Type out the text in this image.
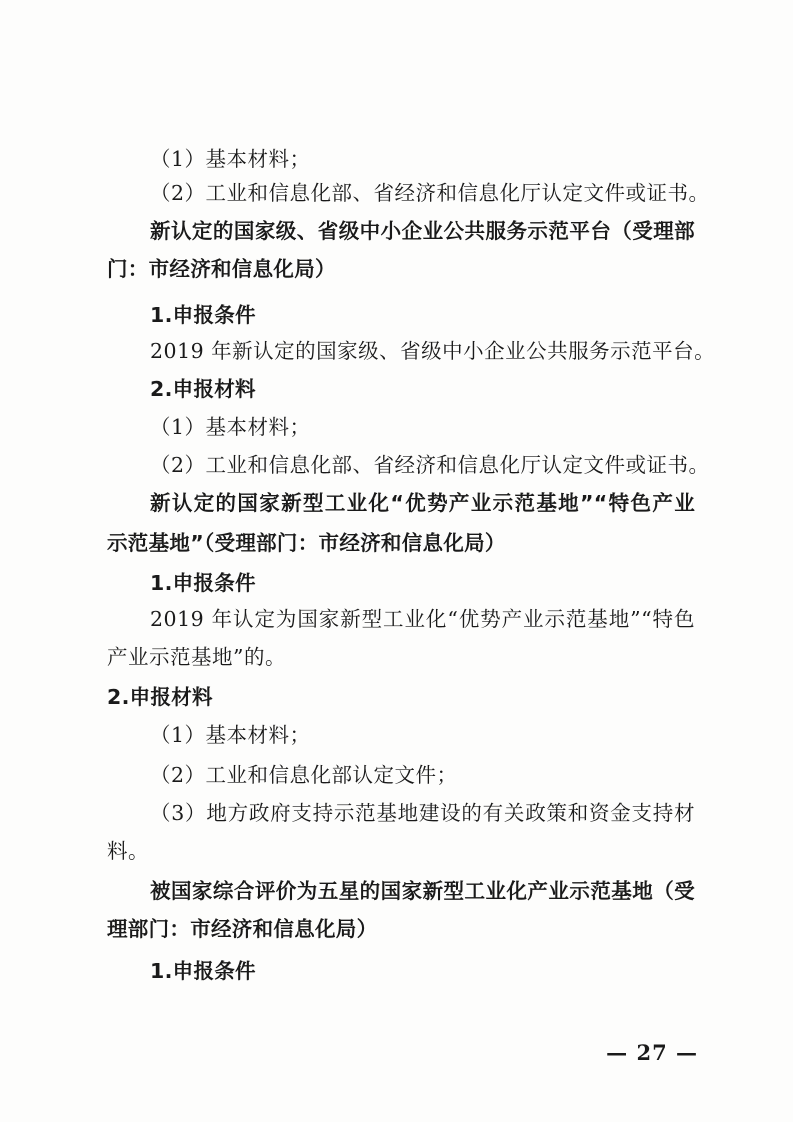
（1）基本材料；
（2）工业和信息化部、省经济和信息化厅认定文件或证书。
新认定的国家级、省级中小企业公共服务示范平台（受理部
门：市经济和信息化局）
1.申报条件
2019 年新认定的国家级、省级中小企业公共服务示范平台。
2.申报材料
（1）基本材料；
（2）工业和信息化部、省经济和信息化厅认定文件或证书。
新认定的国家新型工业化“优势产业示范基地”“特色产业
示范基地”（受理部门：市经济和信息化局）
1.申报条件
2019 年认定为国家新型工业化“优势产业示范基地”“特色
产业示范基地”的。
2.申报材料
（1）基本材料；
（2）工业和信息化部认定文件；
（3）地方政府支持示范基地建设的有关政策和资金支持材
料。
被国家综合评价为五星的国家新型工业化产业示范基地（受
理部门：市经济和信息化局）
1.申报条件
— 27 —
